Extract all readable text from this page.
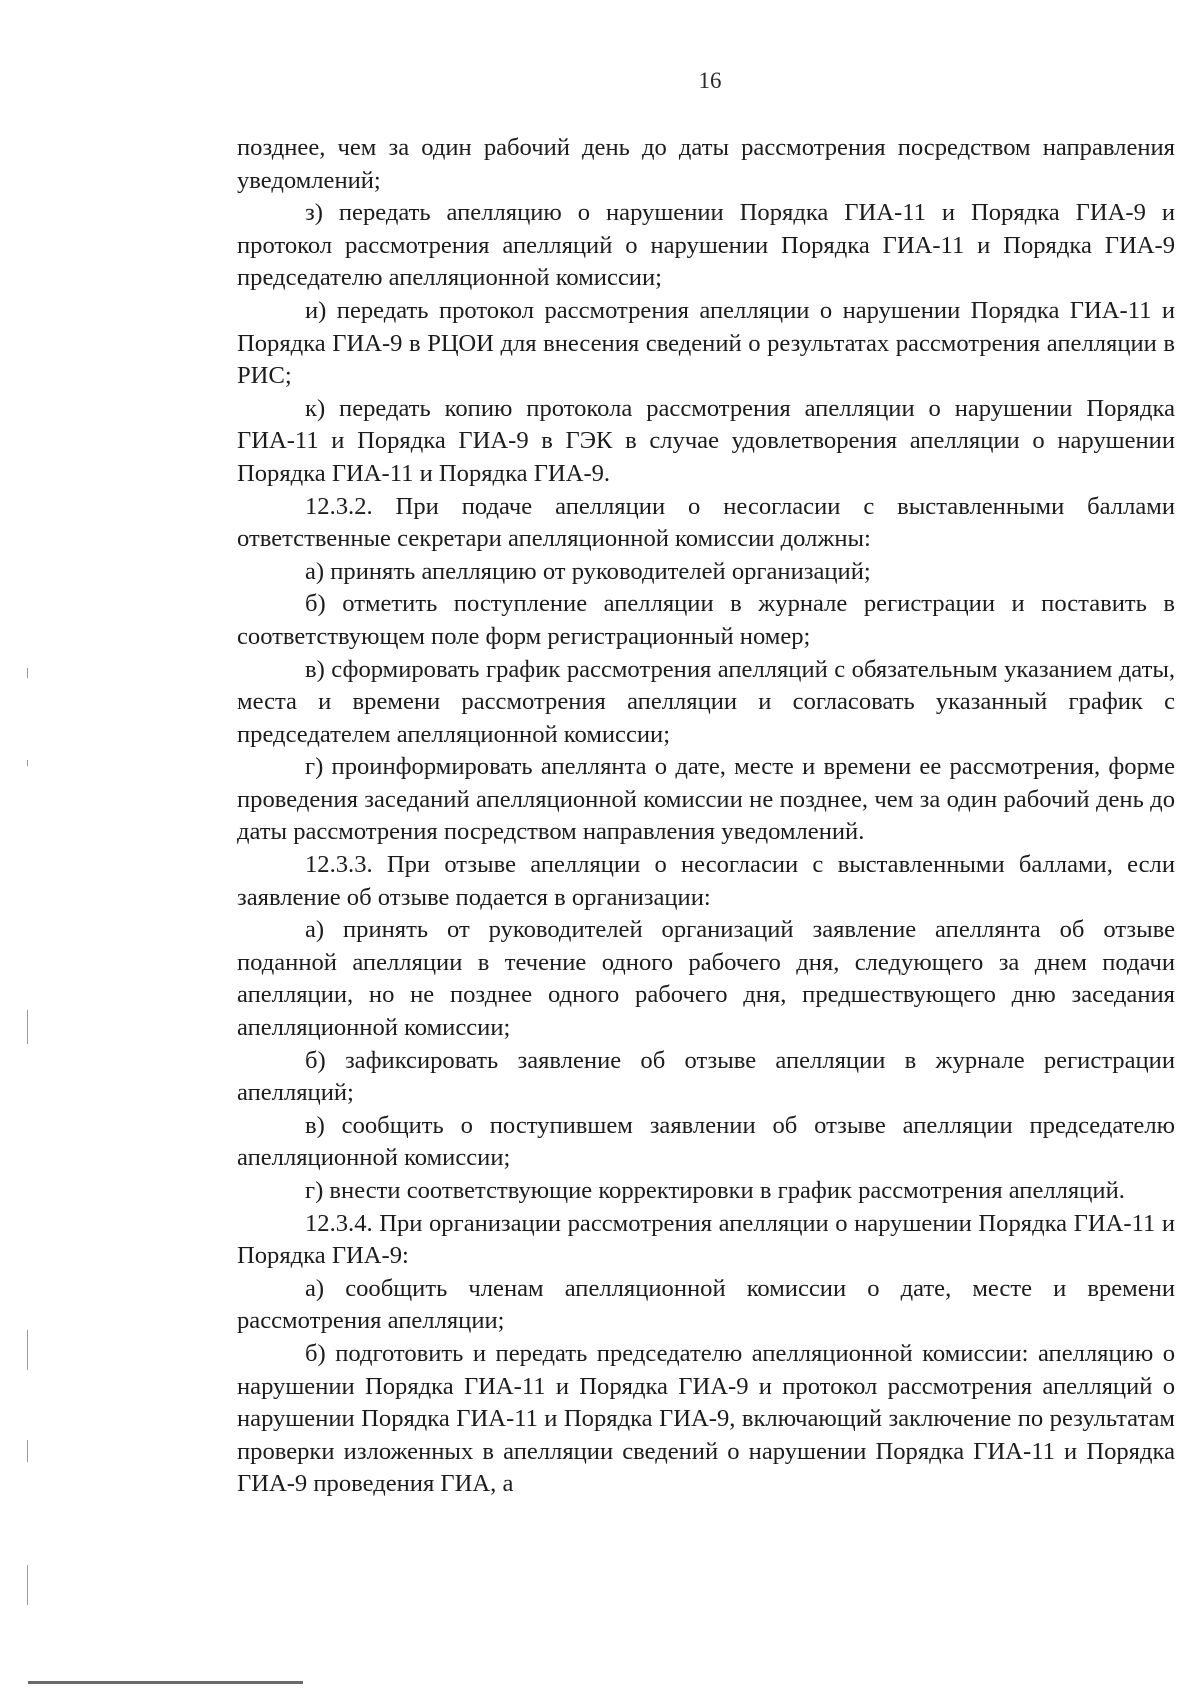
16

позднее, чем за один рабочий день до даты рассмотрения посредством направления уведомлений;

з) передать апелляцию о нарушении Порядка ГИА-11 и Порядка ГИА-9 и протокол рассмотрения апелляций о нарушении Порядка ГИА-11 и Порядка ГИА-9 председателю апелляционной комиссии;

и) передать протокол рассмотрения апелляции о нарушении Порядка ГИА-11 и Порядка ГИА-9 в РЦОИ для внесения сведений о результатах рассмотрения апелляции в РИС;

к) передать копию протокола рассмотрения апелляции о нарушении Порядка ГИА-11 и Порядка ГИА-9 в ГЭК в случае удовлетворения апелляции о нарушении Порядка ГИА-11 и Порядка ГИА-9.

12.3.2. При подаче апелляции о несогласии с выставленными баллами ответственные секретари апелляционной комиссии должны:

а) принять апелляцию от руководителей организаций;

б) отметить поступление апелляции в журнале регистрации и поставить в соответствующем поле форм регистрационный номер;

в) сформировать график рассмотрения апелляций с обязательным указанием даты, места и времени рассмотрения апелляции и согласовать указанный график с председателем апелляционной комиссии;

г) проинформировать апеллянта о дате, месте и времени ее рассмотрения, форме проведения заседаний апелляционной комиссии не позднее, чем за один рабочий день до даты рассмотрения посредством направления уведомлений.

12.3.3. При отзыве апелляции о несогласии с выставленными баллами, если заявление об отзыве подается в организации:

а) принять от руководителей организаций заявление апеллянта об отзыве поданной апелляции в течение одного рабочего дня, следующего за днем подачи апелляции, но не позднее одного рабочего дня, предшествующего дню заседания апелляционной комиссии;

б) зафиксировать заявление об отзыве апелляции в журнале регистрации апелляций;

в) сообщить о поступившем заявлении об отзыве апелляции председателю апелляционной комиссии;

г) внести соответствующие корректировки в график рассмотрения апелляций.

12.3.4. При организации рассмотрения апелляции о нарушении Порядка ГИА-11 и Порядка ГИА-9:

а) сообщить членам апелляционной комиссии о дате, месте и времени рассмотрения апелляции;

б) подготовить и передать председателю апелляционной комиссии: апелляцию о нарушении Порядка ГИА-11 и Порядка ГИА-9 и протокол рассмотрения апелляций о нарушении Порядка ГИА-11 и Порядка ГИА-9, включающий заключение по результатам проверки изложенных в апелляции сведений о нарушении Порядка ГИА-11 и Порядка ГИА-9 проведения ГИА, а
